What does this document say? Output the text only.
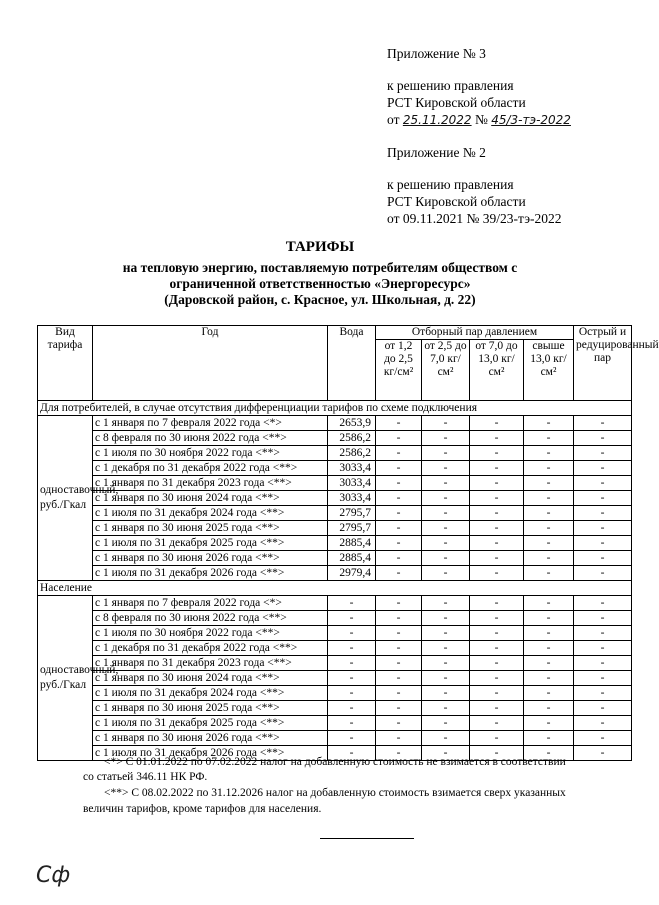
Приложение № 3
к решению правления
РСТ Кировской области
от 25.11.2022 № 45/3-тэ-2022
Приложение № 2
к решению правления
РСТ Кировской области
от 09.11.2021 № 39/23-тэ-2022
ТАРИФЫ
на тепловую энергию, поставляемую потребителям обществом с
ограниченной ответственностью «Энергоресурс»
(Даровской район, с. Красное, ул. Школьная, д. 22)
Вид тарифа	Год	Вода	Отборный пар давлением				Острый и редуцированный пар
			от 1,2 до 2,5 кг/см²	от 2,5 до 7,0 кг/см²	от 7,0 до 13,0 кг/см²	свыше 13,0 кг/см²	
Для потребителей, в случае отсутствия дифференциации тарифов по схеме подключения							
одноставочный, руб./Гкал	с 1 января по 7 февраля 2022 года <*>	2653,9	-	-	-	-	-
	с 8 февраля по 30 июня 2022 года <**>	2586,2	-	-	-	-	-
	с 1 июля по 30 ноября 2022 года <**>	2586,2	-	-	-	-	-
	с 1 декабря по 31 декабря 2022 года <**>	3033,4	-	-	-	-	-
	с 1 января по 31 декабря 2023 года <**>	3033,4	-	-	-	-	-
	с 1 января по 30 июня 2024 года <**>	3033,4	-	-	-	-	-
	с 1 июля по 31 декабря 2024 года <**>	2795,7	-	-	-	-	-
	с 1 января по 30 июня 2025 года <**>	2795,7	-	-	-	-	-
	с 1 июля по 31 декабря 2025 года <**>	2885,4	-	-	-	-	-
	с 1 января по 30 июня 2026 года <**>	2885,4	-	-	-	-	-
	с 1 июля по 31 декабря 2026 года <**>	2979,4	-	-	-	-	-
Население							
одноставочный, руб./Гкал	с 1 января по 7 февраля 2022 года <*>	-	-	-	-	-	-
	с 8 февраля по 30 июня 2022 года <**>	-	-	-	-	-	-
	с 1 июля по 30 ноября 2022 года <**>	-	-	-	-	-	-
	с 1 декабря по 31 декабря 2022 года <**>	-	-	-	-	-	-
	с 1 января по 31 декабря 2023 года <**>	-	-	-	-	-	-
	с 1 января по 30 июня 2024 года <**>	-	-	-	-	-	-
	с 1 июля по 31 декабря 2024 года <**>	-	-	-	-	-	-
	с 1 января по 30 июня 2025 года <**>	-	-	-	-	-	-
	с 1 июля по 31 декабря 2025 года <**>	-	-	-	-	-	-
	с 1 января по 30 июня 2026 года <**>	-	-	-	-	-	-
	с 1 июля по 31 декабря 2026 года <**>	-	-	-	-	-	-
<*> С 01.01.2022 по 07.02.2022 налог на добавленную стоимость не взимается в соответствии
со статьей 346.11 НК РФ.
<**> С 08.02.2022 по 31.12.2026 налог на добавленную стоимость взимается сверх указанных
величин тарифов, кроме тарифов для населения.
Сф
